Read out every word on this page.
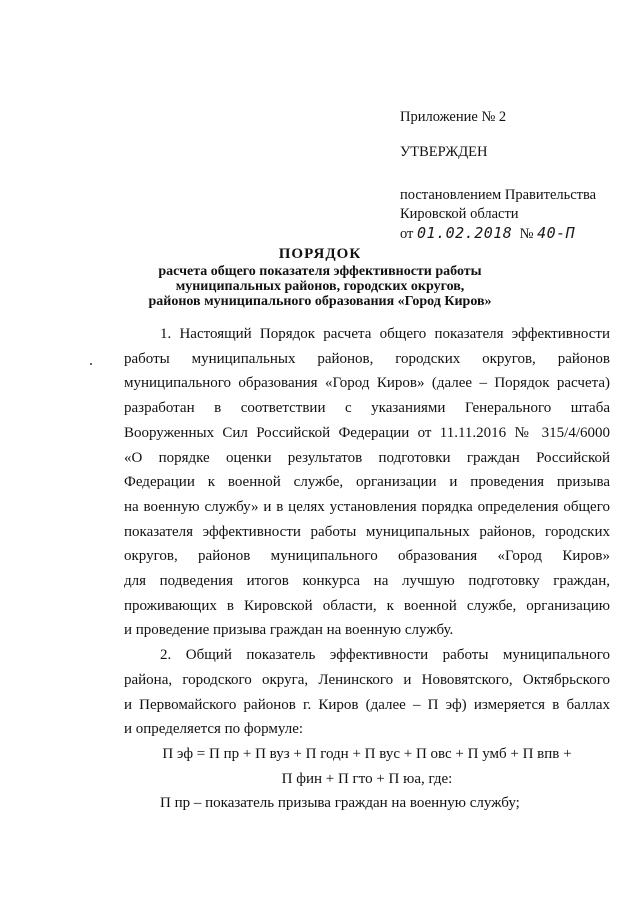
Приложение № 2
УТВЕРЖДЕН
постановлением Правительства
Кировской области
от 01.02.2018 № 40-П
ПОРЯДОК
расчета общего показателя эффективности работы
муниципальных районов, городских округов,
районов муниципального образования «Город Киров»
1. Настоящий Порядок расчета общего показателя эффективности
работы муниципальных районов, городских округов, районов
муниципального образования «Город Киров» (далее – Порядок расчета)
разработан в соответствии с указаниями Генерального штаба
Вооруженных Сил Российской Федерации от 11.11.2016 № 315/4/6000
«О порядке оценки результатов подготовки граждан Российской
Федерации к военной службе, организации и проведения призыва
на военную службу» и в целях установления порядка определения общего
показателя эффективности работы муниципальных районов, городских
округов, районов муниципального образования «Город Киров»
для подведения итогов конкурса на лучшую подготовку граждан,
проживающих в Кировской области, к военной службе, организацию
и проведение призыва граждан на военную службу.
2. Общий показатель эффективности работы муниципального
района, городского округа, Ленинского и Нововятского, Октябрьского
и Первомайского районов г. Киров (далее – П эф) измеряется в баллах
и определяется по формуле:
П эф = П пр + П вуз + П годн + П вус + П овс + П умб + П впв +
П фин + П гто + П юа, где:
П пр – показатель призыва граждан на военную службу;
